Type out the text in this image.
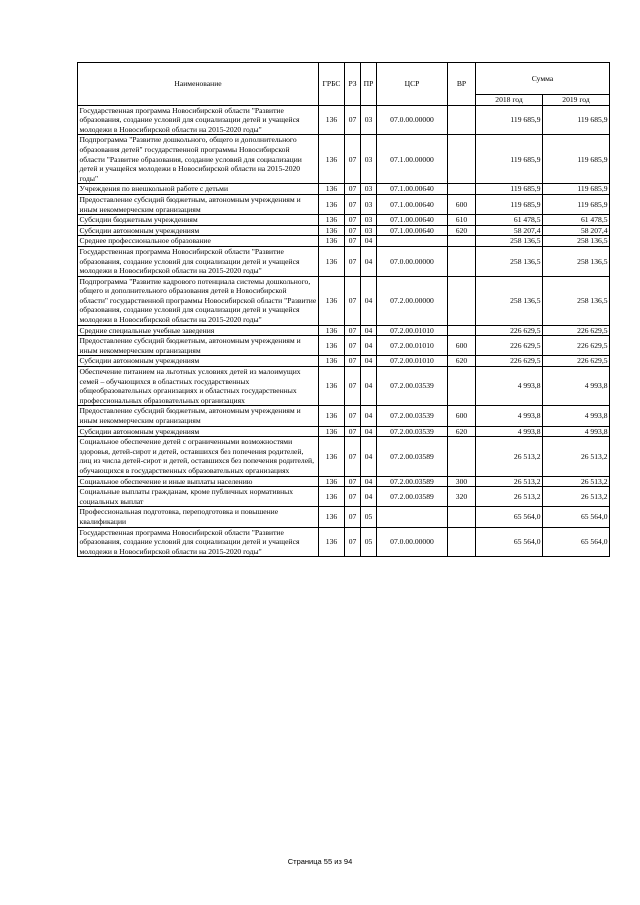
Наименование	ГРБС	РЗ	ПР	ЦСР	ВР	Сумма	
						2018 год	2019 год
Государственная программа Новосибирской области "Развитие образования, создание условий для социализации детей и учащейся молодежи в Новосибирской области на 2015-2020 годы"	136	07	03	07.0.00.00000		119 685,9	119 685,9
Подпрограмма "Развитие дошкольного, общего и дополнительного образования детей" государственной программы Новосибирской области "Развитие образования, создание условий для социализации детей и учащейся молодежи в Новосибирской области на 2015-2020 годы"	136	07	03	07.1.00.00000		119 685,9	119 685,9
Учреждения по внешкольной работе с детьми	136	07	03	07.1.00.00640		119 685,9	119 685,9
Предоставление субсидий бюджетным, автономным учреждениям и иным некоммерческим организациям	136	07	03	07.1.00.00640	600	119 685,9	119 685,9
Субсидии бюджетным учреждениям	136	07	03	07.1.00.00640	610	61 478,5	61 478,5
Субсидии автономным учреждениям	136	07	03	07.1.00.00640	620	58 207,4	58 207,4
Среднее профессиональное образование	136	07	04			258 136,5	258 136,5
Государственная программа Новосибирской области "Развитие образования, создание условий для социализации детей и учащейся молодежи в Новосибирской области на 2015-2020 годы"	136	07	04	07.0.00.00000		258 136,5	258 136,5
Подпрограмма "Развитие кадрового потенциала системы дошкольного, общего и дополнительного образования детей в Новосибирской области" государственной программы Новосибирской области "Развитие образования, создание условий для социализации детей и учащейся молодежи в Новосибирской области на 2015-2020 годы"	136	07	04	07.2.00.00000		258 136,5	258 136,5
Средние специальные учебные заведения	136	07	04	07.2.00.01010		226 629,5	226 629,5
Предоставление субсидий бюджетным, автономным учреждениям и иным некоммерческим организациям	136	07	04	07.2.00.01010	600	226 629,5	226 629,5
Субсидии автономным учреждениям	136	07	04	07.2.00.01010	620	226 629,5	226 629,5
Обеспечение питанием на льготных условиях детей из малоимущих семей – обучающихся в областных государственных общеобразовательных организациях и областных государственных профессиональных образовательных организациях	136	07	04	07.2.00.03539		4 993,8	4 993,8
Предоставление субсидий бюджетным, автономным учреждениям и иным некоммерческим организациям	136	07	04	07.2.00.03539	600	4 993,8	4 993,8
Субсидии автономным учреждениям	136	07	04	07.2.00.03539	620	4 993,8	4 993,8
Социальное обеспечение детей с ограниченными возможностями здоровья, детей-сирот и детей, оставшихся без попечения родителей, лиц из числа детей-сирот и детей, оставшихся без попечения родителей, обучающихся в государственных образовательных организациях	136	07	04	07.2.00.03589		26 513,2	26 513,2
Социальное обеспечение и иные выплаты населению	136	07	04	07.2.00.03589	300	26 513,2	26 513,2
Социальные выплаты гражданам, кроме публичных нормативных социальных выплат	136	07	04	07.2.00.03589	320	26 513,2	26 513,2
Профессиональная подготовка, переподготовка и повышение квалификации	136	07	05			65 564,0	65 564,0
Государственная программа Новосибирской области "Развитие образования, создание условий для социализации детей и учащейся молодежи в Новосибирской области на 2015-2020 годы"	136	07	05	07.0.00.00000		65 564,0	65 564,0
Страница 55 из 94
